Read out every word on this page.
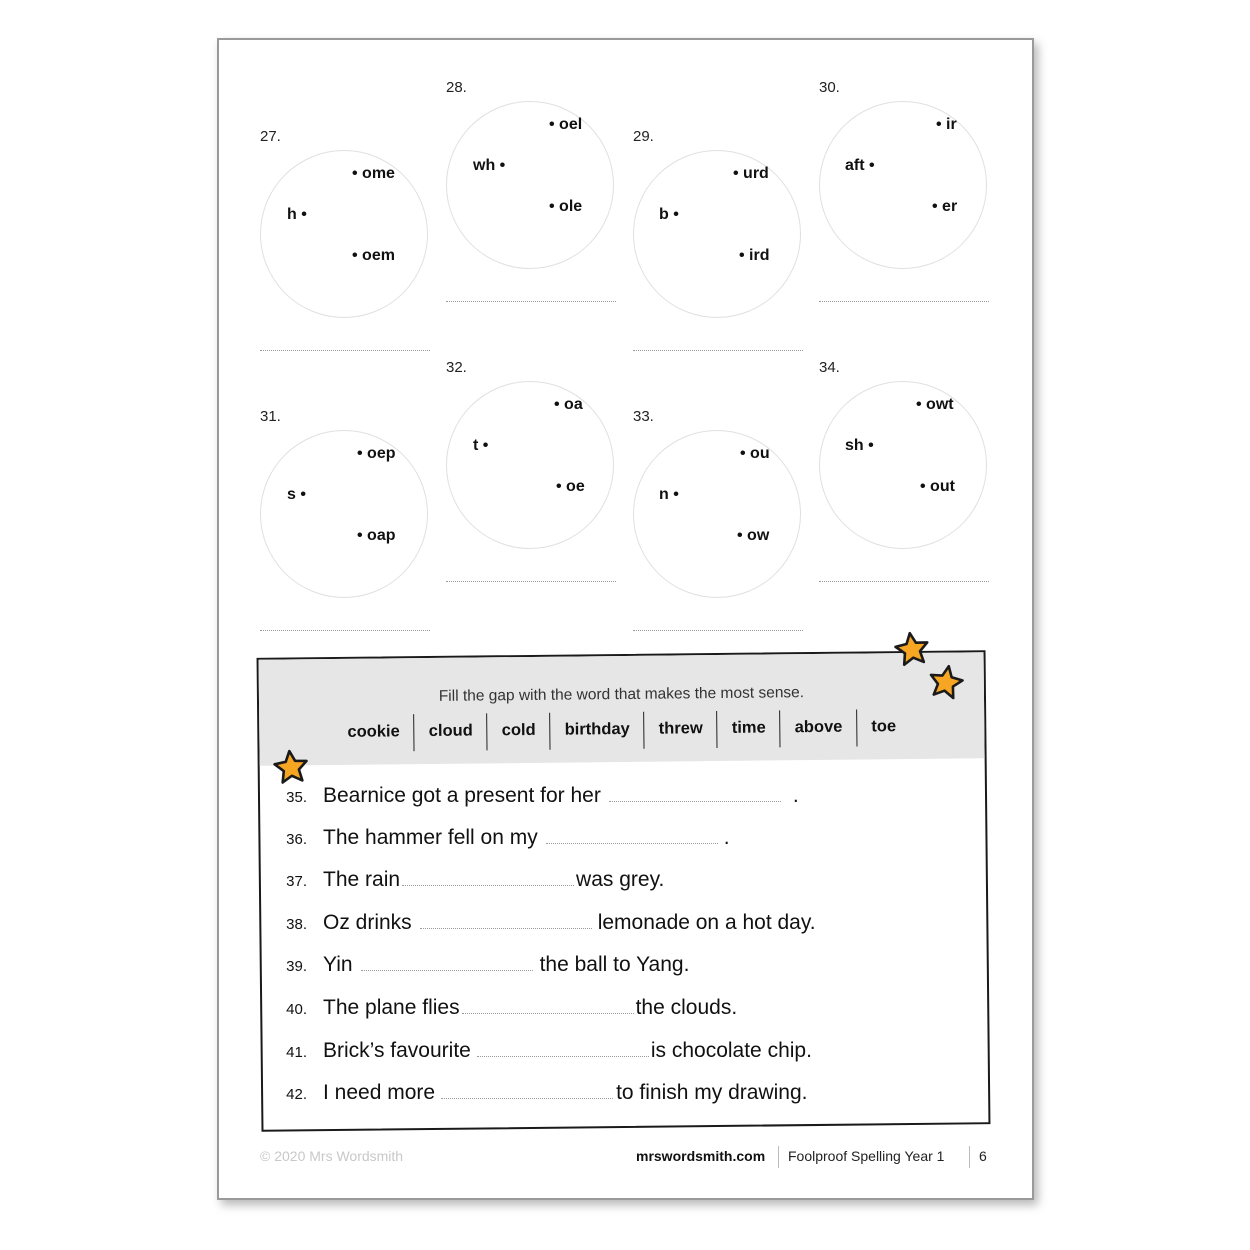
27.
h •
• ome
• oem
28.
wh •
• oel
• ole
29.
b •
• urd
• ird
30.
aft •
• ir
• er
31.
s •
• oep
• oap
32.
t •
• oa
• oe
33.
n •
• ou
• ow
34.
sh •
• owt
• out
Fill the gap with the word that makes the most sense.
cookie	cloud	cold	birthday	threw	time	above	toe
35. Bearnice got a present for her	.
36. The hammer fell on my	.
37. The rain	was grey.
38. Oz drinks	lemonade on a hot day.
39. Yin	the ball to Yang.
40. The plane flies	the clouds.
41. Brick’s favourite	is chocolate chip.
42. I need more	to finish my drawing.
© 2020 Mrs Wordsmith	mrswordsmith.com Foolproof Spelling Year 1 6
